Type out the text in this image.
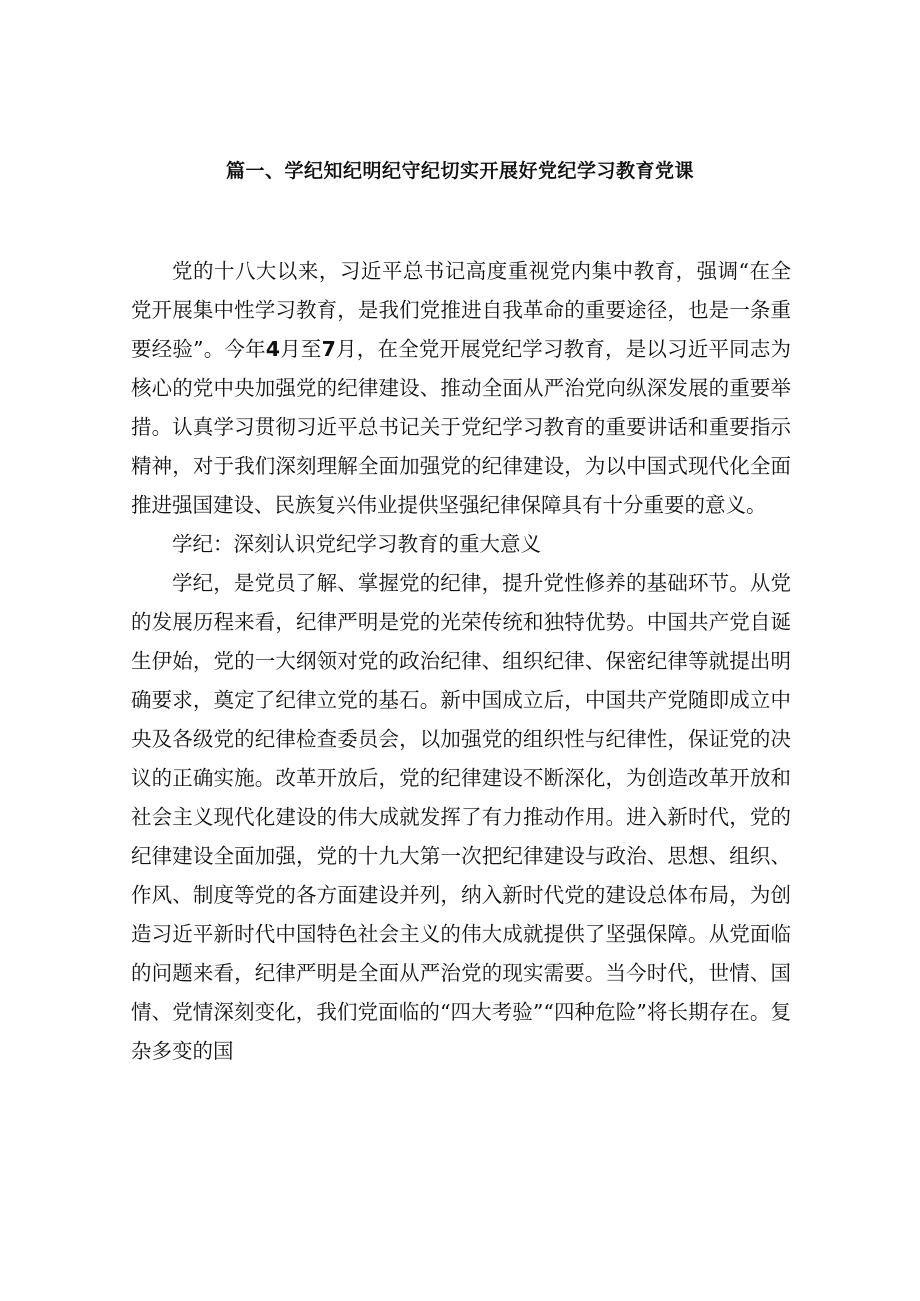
篇一、学纪知纪明纪守纪切实开展好党纪学习教育党课

党的十八大以来，习近平总书记高度重视党内集中教育，强调“在全党开展集中性学习教育，是我们党推进自我革命的重要途径，也是一条重要经验”。今年4月至7月，在全党开展党纪学习教育，是以习近平同志为核心的党中央加强党的纪律建设、推动全面从严治党向纵深发展的重要举措。认真学习贯彻习近平总书记关于党纪学习教育的重要讲话和重要指示精神，对于我们深刻理解全面加强党的纪律建设，为以中国式现代化全面推进强国建设、民族复兴伟业提供坚强纪律保障具有十分重要的意义。

学纪：深刻认识党纪学习教育的重大意义

学纪，是党员了解、掌握党的纪律，提升党性修养的基础环节。从党的发展历程来看，纪律严明是党的光荣传统和独特优势。中国共产党自诞生伊始，党的一大纲领对党的政治纪律、组织纪律、保密纪律等就提出明确要求，奠定了纪律立党的基石。新中国成立后，中国共产党随即成立中央及各级党的纪律检查委员会，以加强党的组织性与纪律性，保证党的决议的正确实施。改革开放后，党的纪律建设不断深化，为创造改革开放和社会主义现代化建设的伟大成就发挥了有力推动作用。进入新时代，党的纪律建设全面加强，党的十九大第一次把纪律建设与政治、思想、组织、作风、制度等党的各方面建设并列，纳入新时代党的建设总体布局，为创造习近平新时代中国特色社会主义的伟大成就提供了坚强保障。从党面临的问题来看，纪律严明是全面从严治党的现实需要。当今时代，世情、国情、党情深刻变化，我们党面临的“四大考验”“四种危险”将长期存在。复杂多变的国
